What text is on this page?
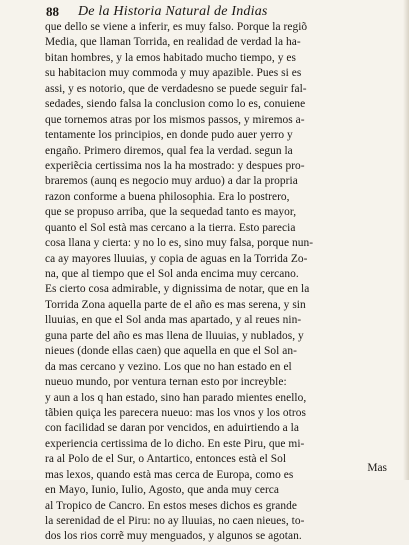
88 De la Historia Natural de Indias
que dello se viene a inferir, es muy falso. Porque la regiõ
Media, que llaman Torrida, en realidad de verdad la ha-
bitan hombres, y la emos habitado mucho tiempo, y es
su habitacion muy commoda y muy apazible. Pues si es
assi, y es notorio, que de verdadesno se puede seguir fal-
sedades, siendo falsa la conclusion como lo es, conuiene
que tornemos atras por los mismos passos, y miremos a-
tentamente los principios, en donde pudo auer yerro y
engaño. Primero diremos, qual fea la verdad. segun la
experiẽcia certissima nos la ha mostrado: y despues pro-
braremos (aunq es negocio muy arduo) a dar la propria
razon conforme a buena philosophia. Era lo postrero,
que se propuso arriba, que la sequedad tanto es mayor,
quanto el Sol està mas cercano a la tierra. Esto parecia
cosa llana y cierta: y no lo es, sino muy falsa, porque nun-
ca ay mayores lluuias, y copia de aguas en la Torrida Zo-
na, que al tiempo que el Sol anda encima muy cercano.
Es cierto cosa admirable, y dignissima de notar, que en la
Torrida Zona aquella parte de el año es mas serena, y sin
lluuias, en que el Sol anda mas apartado, y al reues nin-
guna parte del año es mas llena de lluuias, y nublados, y
nieues (donde ellas caen) que aquella en que el Sol an-
da mas cercano y vezino. Los que no han estado en el
nueuo mundo, por ventura ternan esto por increyble:
y aun a los q han estado, sino han parado mientes enello,
tãbien quiça les parecera nueuo: mas los vnos y los otros
con facilidad se daran por vencidos, en aduirtiendo a la
experiencia certissima de lo dicho. En este Piru, que mi-
ra al Polo de el Sur, o Antartico, entonces està el Sol
mas lexos, quando està mas cerca de Europa, como es
en Mayo, Iunio, Iulio, Agosto, que anda muy cerca
al Tropico de Cancro. En estos meses dichos es grande
la serenidad de el Piru: no ay lluuias, no caen nieues, to-
dos los rios corrẽ muy menguados, y algunos se agotan.
Mas
